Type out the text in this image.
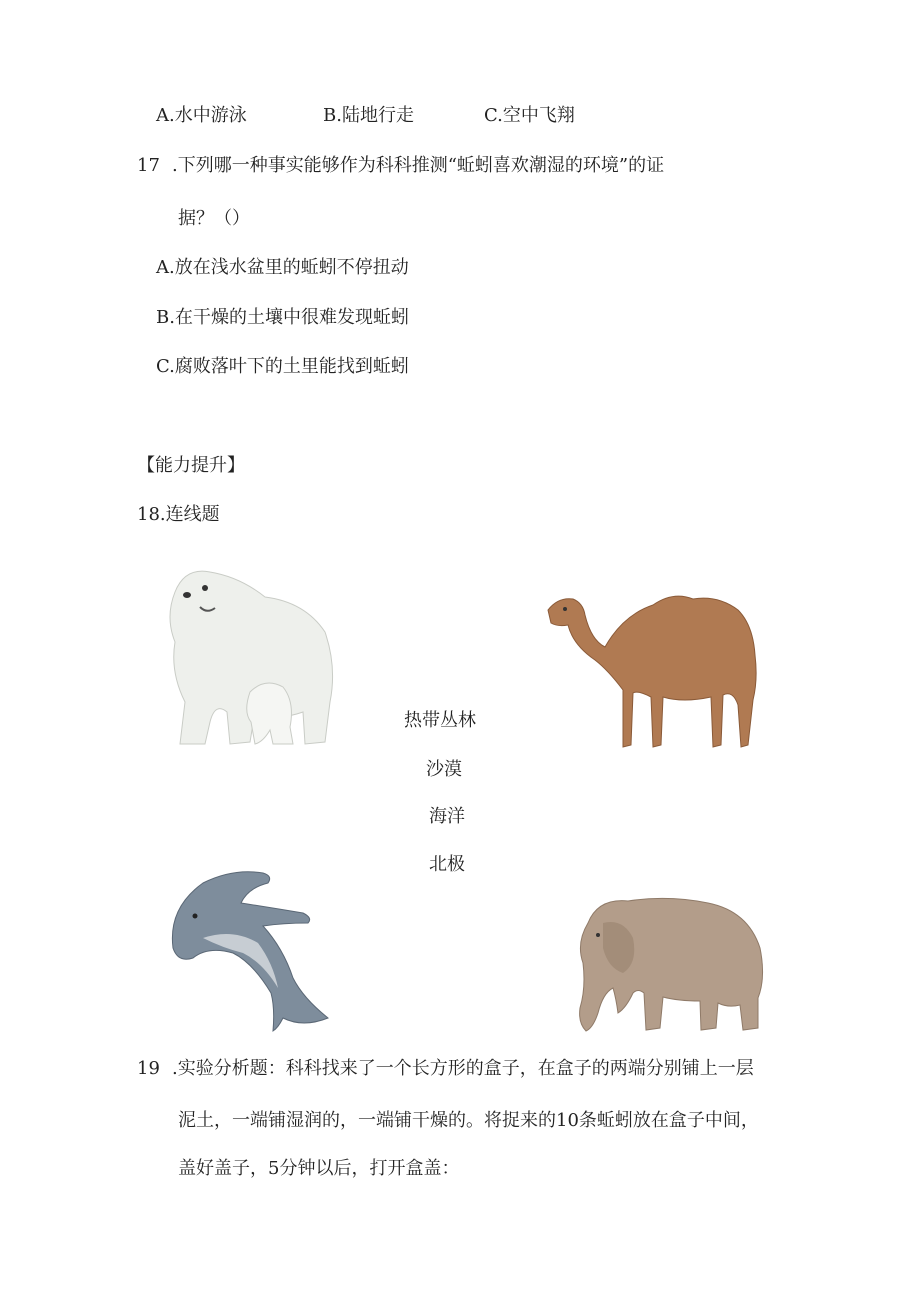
A.水中游泳	B.陆地行走	C.空中飞翔
17 .下列哪一种事实能够作为科科推测“蚯蚓喜欢潮湿的环境”的证
据？（）
A.放在浅水盆里的蚯蚓不停扭动
B.在干燥的土壤中很难发现蚯蚓
C.腐败落叶下的土里能找到蚯蚓
【能力提升】
18.连线题
热带丛林
沙漠
海洋
北极
19 .实验分析题：科科找来了一个长方形的盒子，在盒子的两端分别铺上一层
泥土，一端铺湿润的，一端铺干燥的。将捉来的10条蚯蚓放在盒子中间，
盖好盖子，5分钟以后，打开盒盖：
